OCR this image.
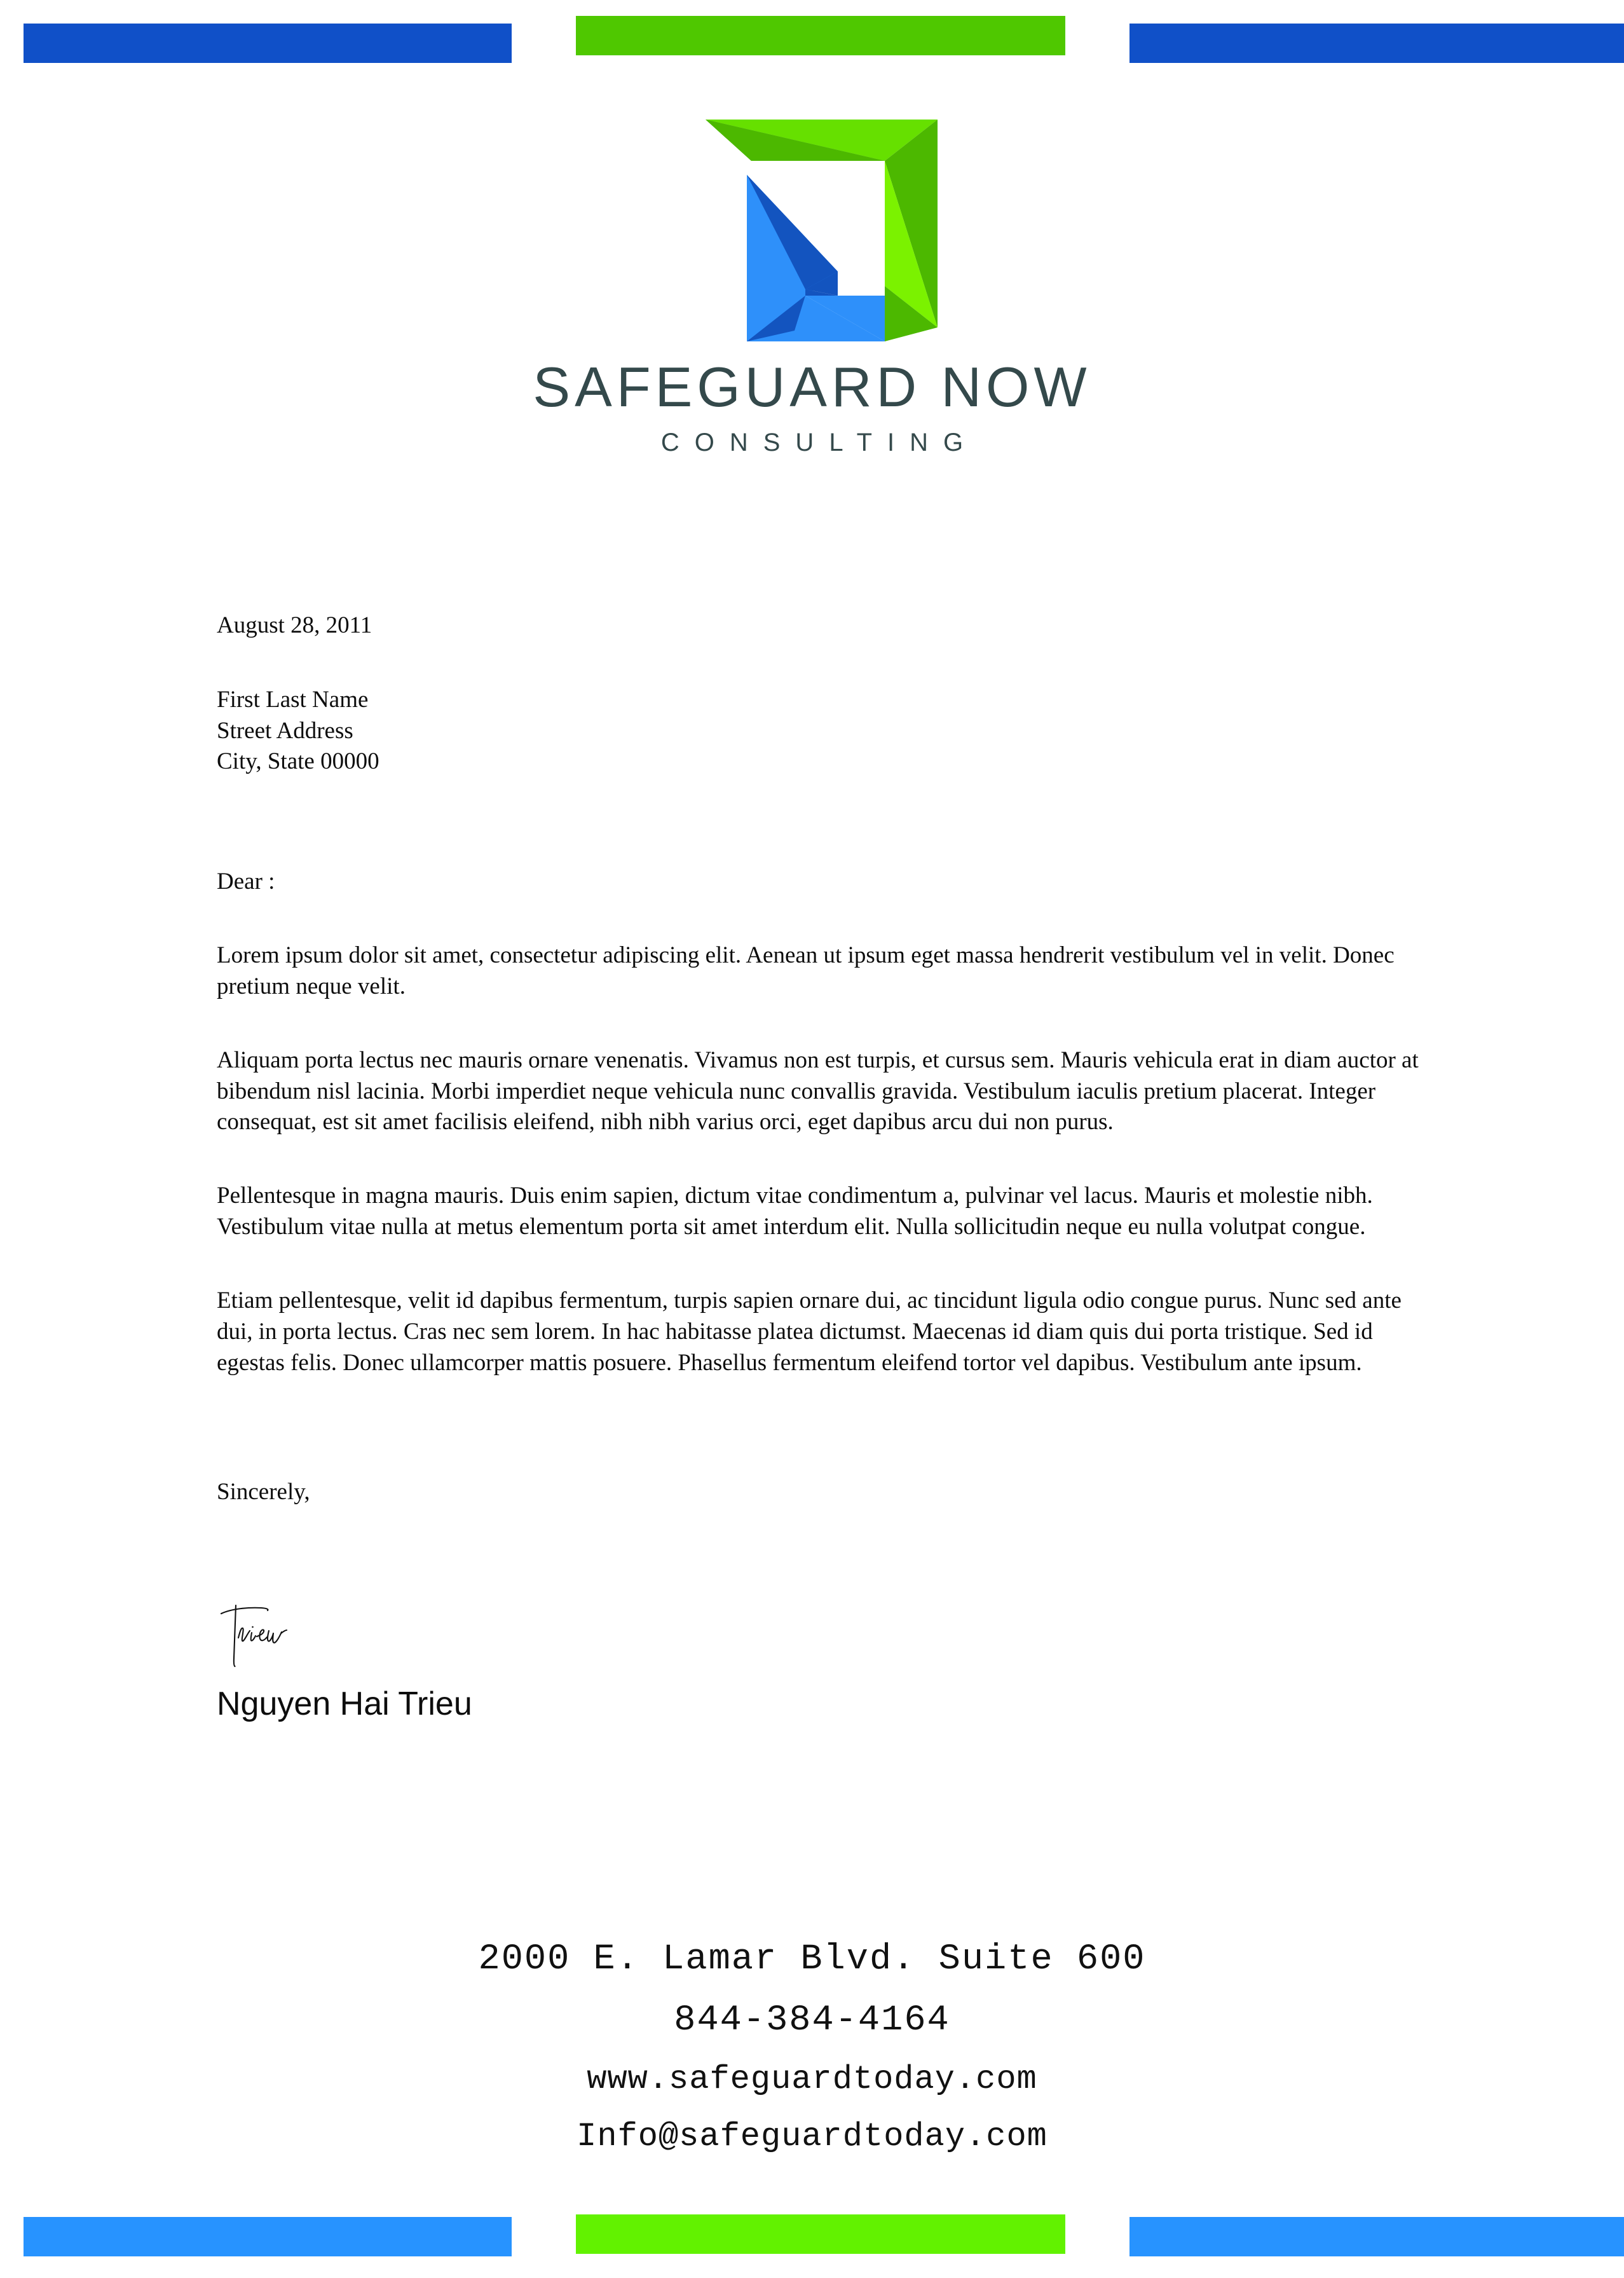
SAFEGUARD NOW
CONSULTING

August 28, 2011

First Last Name

Street Address

City, State 00000

Dear :

Lorem ipsum dolor sit amet, consectetur adipiscing elit. Aenean ut ipsum eget massa hendrerit vestibulum vel in velit. Donec pretium neque velit.

Aliquam porta lectus nec mauris ornare venenatis. Vivamus non est turpis, et cursus sem. Mauris vehicula erat in diam auctor at bibendum nisl lacinia. Morbi imperdiet neque vehicula nunc convallis gravida. Vestibulum iaculis pretium placerat. Integer consequat, est sit amet facilisis eleifend, nibh nibh varius orci, eget dapibus arcu dui non purus.

Pellentesque in magna mauris. Duis enim sapien, dictum vitae condimentum a, pulvinar vel lacus. Mauris et molestie nibh. Vestibulum vitae nulla at metus elementum porta sit amet interdum elit. Nulla sollicitudin neque eu nulla volutpat congue.

Etiam pellentesque, velit id dapibus fermentum, turpis sapien ornare dui, ac tincidunt ligula odio congue purus. Nunc sed ante dui, in porta lectus. Cras nec sem lorem. In hac habitasse platea dictumst. Maecenas id diam quis dui porta tristique. Sed id egestas felis. Donec ullamcorper mattis posuere. Phasellus fermentum eleifend tortor vel dapibus. Vestibulum ante ipsum.

Sincerely,

Nguyen Hai Trieu
2000 E. Lamar Blvd. Suite 600
844-384-4164
www.safeguardtoday.com
Info@safeguardtoday.com
